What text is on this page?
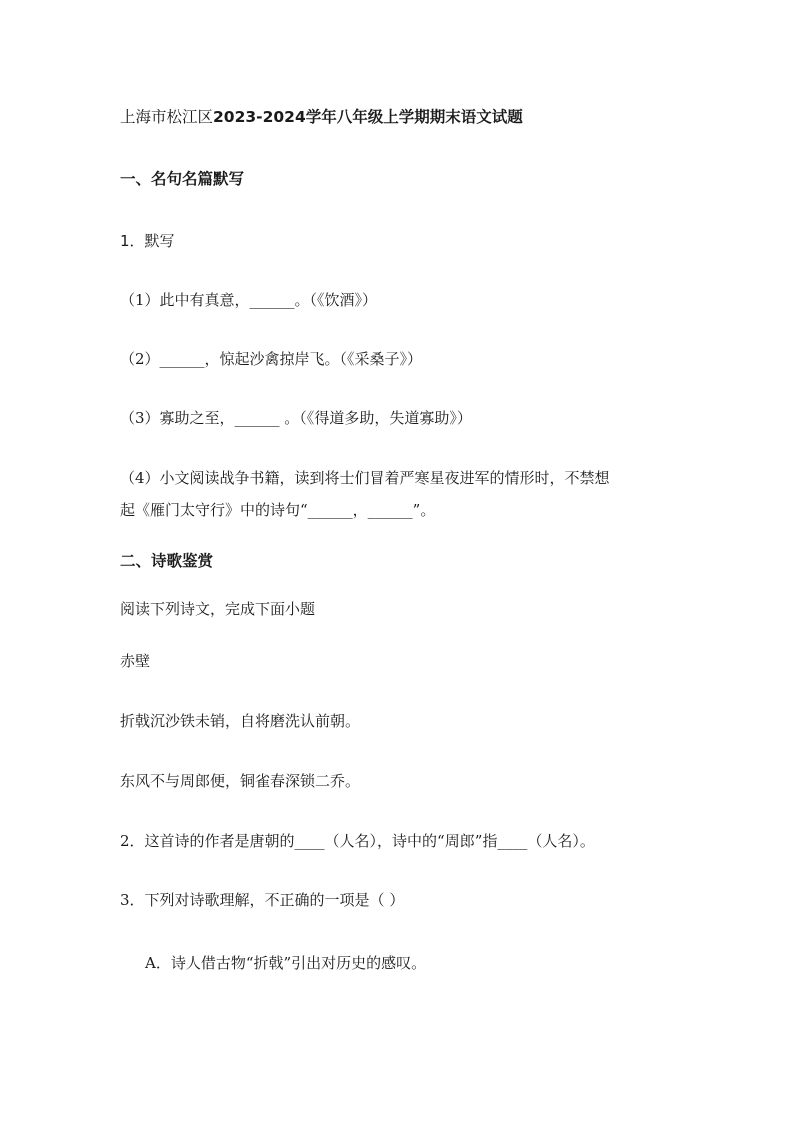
上海市松江区2023-2024学年八年级上学期期末语文试题
一、名句名篇默写
1．默写
（1）此中有真意，______。（《饮酒》）
（2）______，惊起沙禽掠岸飞。（《采桑子》）
（3）寡助之至，______ 。（《得道多助，失道寡助》）
（4）小文阅读战争书籍，读到将士们冒着严寒星夜进军的情形时，不禁想
起《雁门太守行》中的诗句“______，______”。
二、诗歌鉴赏
阅读下列诗文，完成下面小题
赤壁
折戟沉沙铁未销，自将磨洗认前朝。
东风不与周郎便，铜雀春深锁二乔。
2．这首诗的作者是唐朝的____（人名），诗中的“周郎”指____（人名）。
3．下列对诗歌理解，不正确的一项是（ ）
A．诗人借古物“折戟”引出对历史的感叹。
